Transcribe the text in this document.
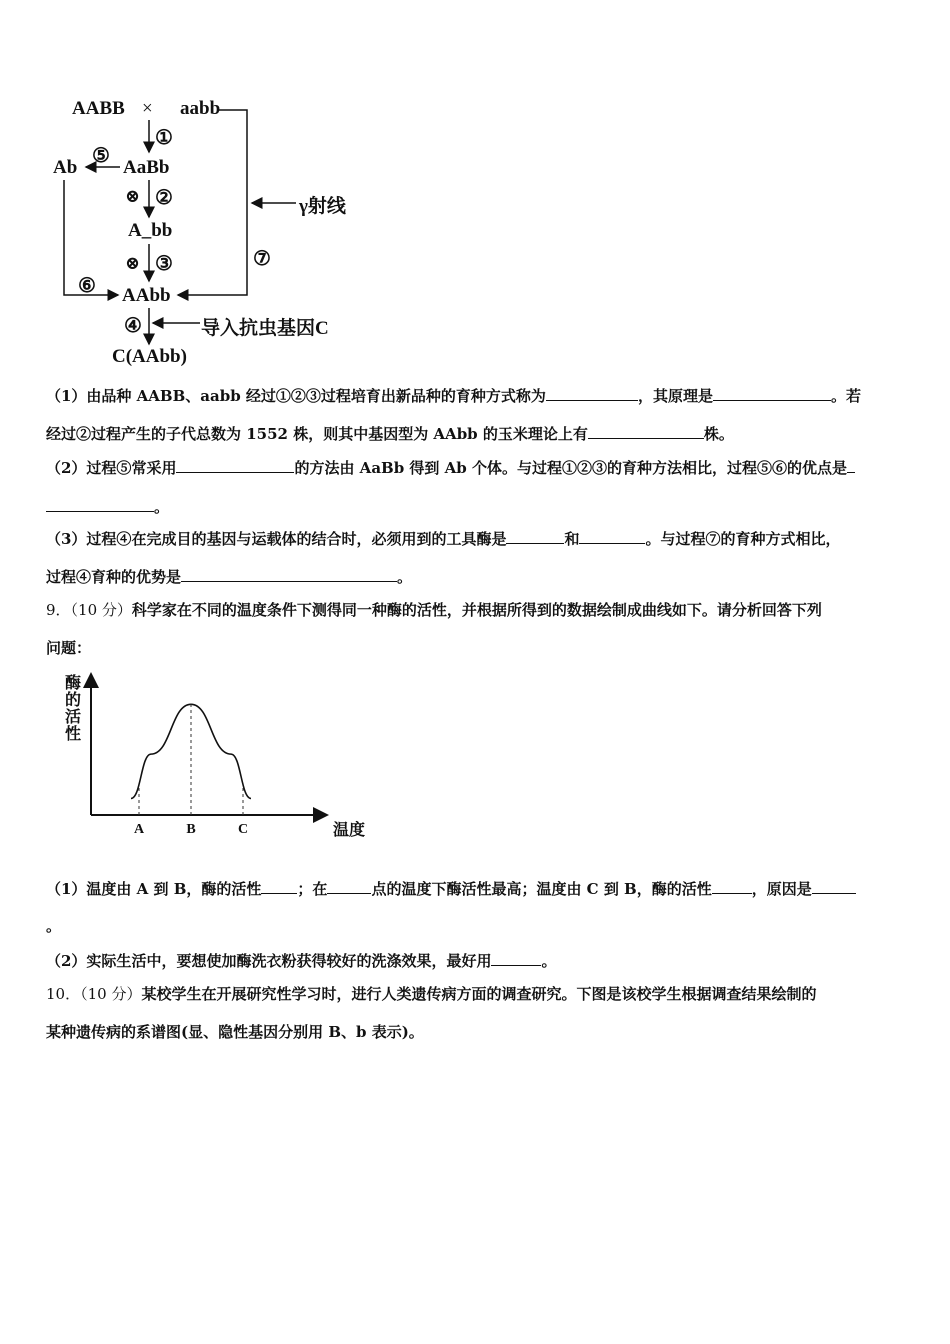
AABB × aabb
①
AaBb
⑤
Ab
⊗ ②
A_bb
⊗ ③
⑥ AAbb
⑦
γ射线
④	导入抗虫基因C
C(AAbb)
（1）由品种 AABB、aabb 经过①②③过程培育出新品种的育种方式称为	，其原理是	。若
经过②过程产生的子代总数为 1552 株，则其中基因型为 AAbb 的玉米理论上有	株。
（2）过程⑤常采用	的方法由 AaBb 得到 Ab 个体。与过程①②③的育种方法相比，过程⑤⑥的优点是
。
（3）过程④在完成目的基因与运载体的结合时，必须用到的工具酶是	和	。与过程⑦的育种方式相比，
过程④育种的优势是	。
9．（10 分）科学家在不同的温度条件下测得同一种酶的活性，并根据所得到的数据绘制成曲线如下。请分析回答下列
问题：
A	B	C
酶
的
活
性
温度
（1）温度由 A 到 B，酶的活性 ；在	点的温度下酶活性最高；温度由 C 到 B，酶的活性	，原因是
。
（2）实际生活中，要想使加酶洗衣粉获得较好的洗涤效果，最好用	。
10．（10 分）某校学生在开展研究性学习时，进行人类遗传病方面的调查研究。下图是该校学生根据调查结果绘制的
某种遗传病的系谱图(显、隐性基因分别用 B、b 表示)。
